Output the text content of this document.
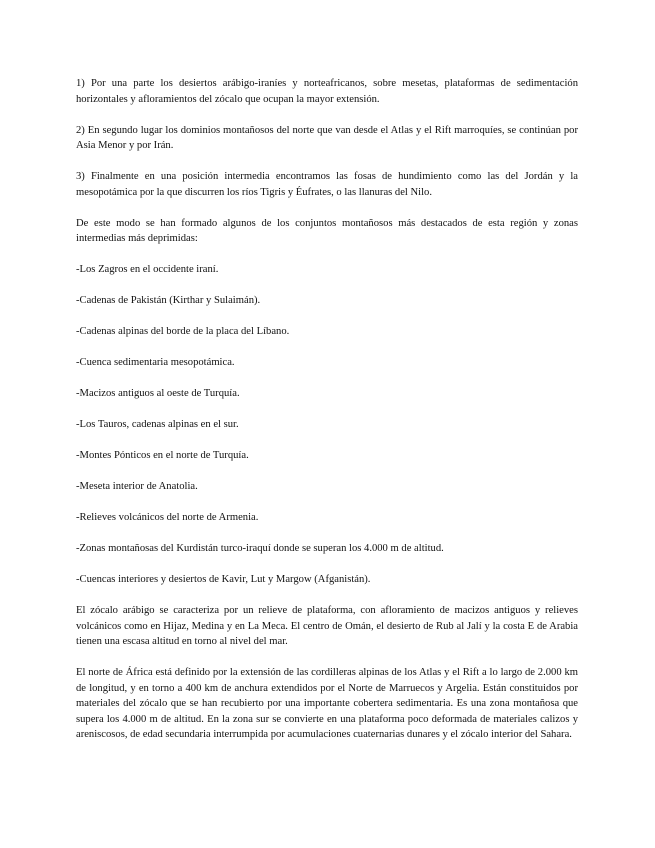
1) Por una parte los desiertos arábigo-iraníes y norteafricanos, sobre mesetas, plataformas de sedimentación horizontales y afloramientos del zócalo que ocupan la mayor extensión.

2) En segundo lugar los dominios montañosos del norte que van desde el Atlas y el Rift marroquíes, se continúan por Asia Menor y por Irán.

3) Finalmente en una posición intermedia encontramos las fosas de hundimiento como las del Jordán y la mesopotámica por la que discurren los ríos Tigris y Éufrates, o las llanuras del Nilo.

De este modo se han formado algunos de los conjuntos montañosos más destacados de esta región y zonas intermedias más deprimidas:

-Los Zagros en el occidente iraní.

-Cadenas de Pakistán (Kirthar y Sulaimán).

-Cadenas alpinas del borde de la placa del Líbano.

-Cuenca sedimentaria mesopotámica.

-Macizos antiguos al oeste de Turquía.

-Los Tauros, cadenas alpinas en el sur.

-Montes Pónticos en el norte de Turquía.

-Meseta interior de Anatolia.

-Relieves volcánicos del norte de Armenia.

-Zonas montañosas del Kurdistán turco-iraquí donde se superan los 4.000 m de altitud.

-Cuencas interiores y desiertos de Kavir, Lut y Margow (Afganistán).

El zócalo arábigo se caracteriza por un relieve de plataforma, con afloramiento de macizos antiguos y relieves volcánicos como en Hijaz, Medina y en La Meca. El centro de Omán, el desierto de Rub al Jalí y la costa E de Arabia tienen una escasa altitud en torno al nivel del mar.

El norte de África está definido por la extensión de las cordilleras alpinas de los Atlas y el Rift a lo largo de 2.000 km de longitud, y en torno a 400 km de anchura extendidos por el Norte de Marruecos y Argelia. Están constituidos por materiales del zócalo que se han recubierto por una importante cobertera sedimentaria. Es una zona montañosa que supera los 4.000 m de altitud. En la zona sur se convierte en una plataforma poco deformada de materiales calizos y areniscosos, de edad secundaria interrumpida por acumulaciones cuaternarias dunares y el zócalo interior del Sahara.
